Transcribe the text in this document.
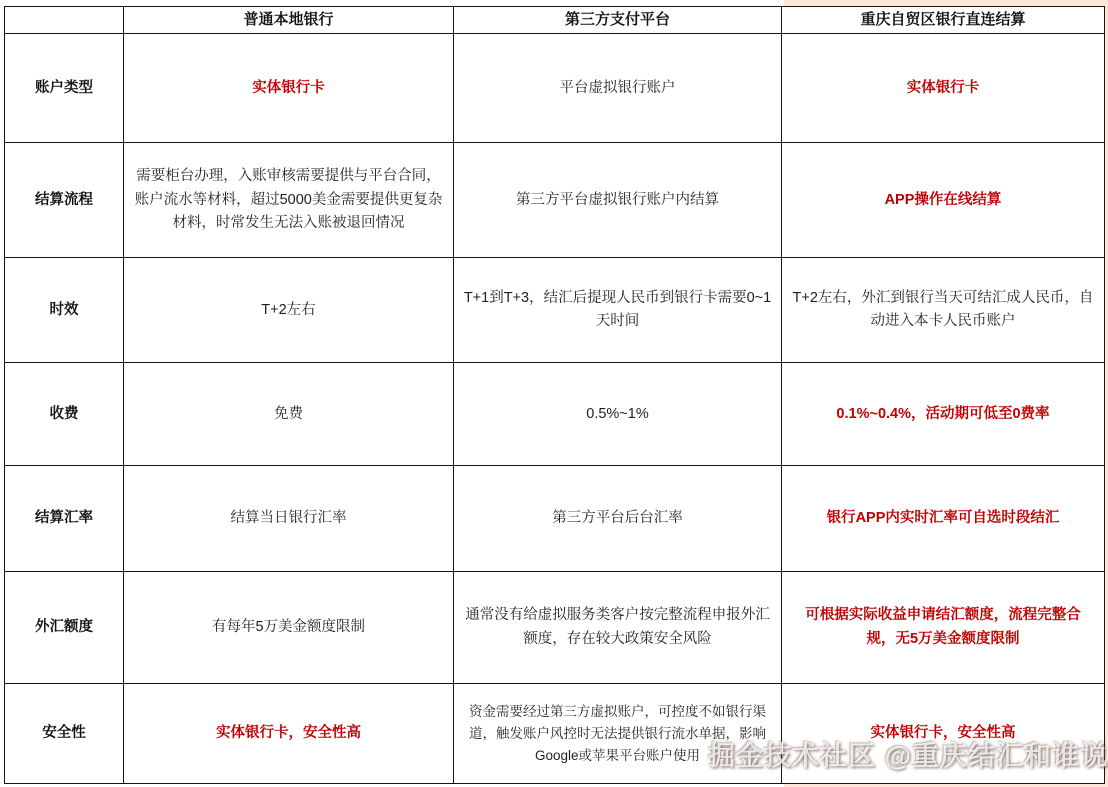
	普通本地银行	第三方支付平台	重庆自贸区银行直连结算
账户类型	实体银行卡	平台虚拟银行账户	实体银行卡
结算流程	需要柜台办理，入账审核需要提供与平台合同，账户流水等材料，超过5000美金需要提供更复杂材料，时常发生无法入账被退回情况	第三方平台虚拟银行账户内结算	APP操作在线结算
时效	T+2左右	T+1到T+3，结汇后提现人民币到银行卡需要0~1天时间	T+2左右，外汇到银行当天可结汇成人民币，自动进入本卡人民币账户
收费	免费	0.5%~1%	0.1%~0.4%，活动期可低至0费率
结算汇率	结算当日银行汇率	第三方平台后台汇率	银行APP内实时汇率可自选时段结汇
外汇额度	有每年5万美金额度限制	通常没有给虚拟服务类客户按完整流程申报外汇额度，存在较大政策安全风险	可根据实际收益申请结汇额度，流程完整合规，无5万美金额度限制
安全性	实体银行卡，安全性高	资金需要经过第三方虚拟账户，可控度不如银行渠道，触发账户风控时无法提供银行流水单据，影响Google或苹果平台账户使用	实体银行卡，安全性高
掘金技术社区 @重庆结汇和谁说
